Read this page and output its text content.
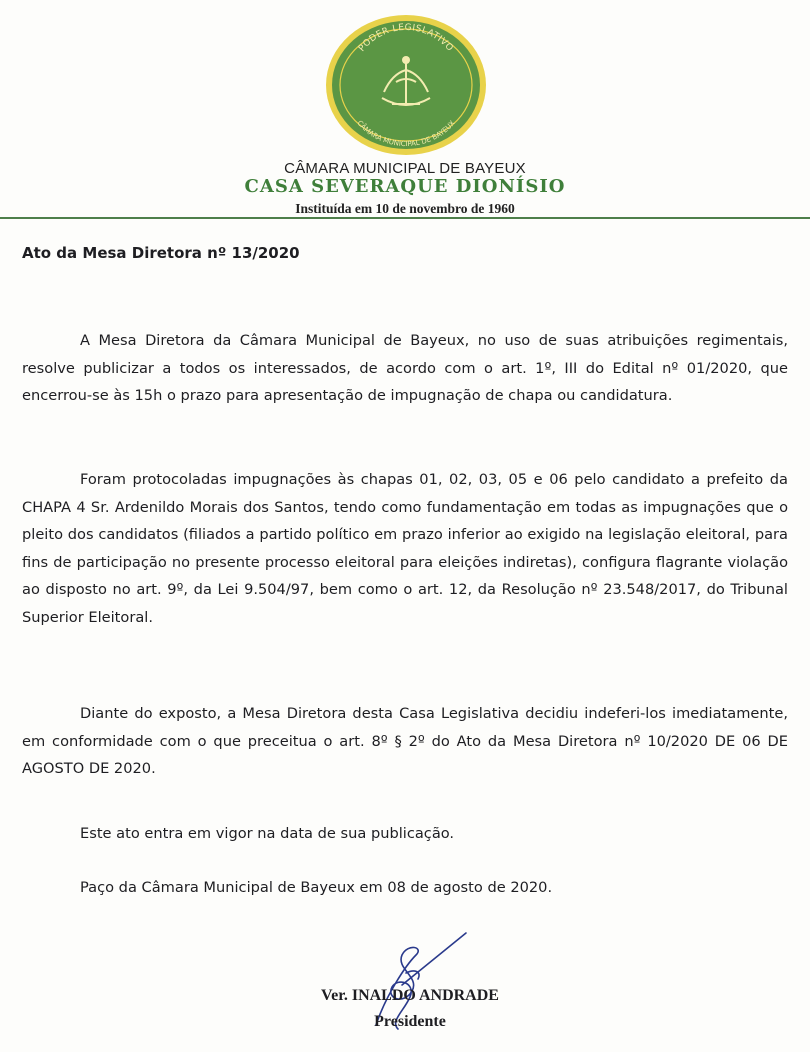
PODER LEGISLATIVO
CÂMARA MUNICIPAL DE BAYEUX
CÂMARA MUNICIPAL DE BAYEUX
CASA SEVERAQUE DIONÍSIO
Instituída em 10 de novembro de 1960
Ato da Mesa Diretora nº 13/2020

A Mesa Diretora da Câmara Municipal de Bayeux, no uso de suas atribuições regimentais, resolve publicizar a todos os interessados, de acordo com o art. 1º, III do Edital nº 01/2020, que encerrou-se às 15h o prazo para apresentação de impugnação de chapa ou candidatura.

Foram protocoladas impugnações às chapas 01, 02, 03, 05 e 06 pelo candidato a prefeito da CHAPA 4 Sr. Ardenildo Morais dos Santos, tendo como fundamentação em todas as impugnações que o pleito dos candidatos (filiados a partido político em prazo inferior ao exigido na legislação eleitoral, para fins de participação no presente processo eleitoral para eleições indiretas), configura flagrante violação ao disposto no art. 9º, da Lei 9.504/97, bem como o art. 12, da Resolução nº 23.548/2017, do Tribunal Superior Eleitoral.

Diante do exposto, a Mesa Diretora desta Casa Legislativa decidiu indeferi-los imediatamente, em conformidade com o que preceitua o art. 8º § 2º do Ato da Mesa Diretora nº 10/2020 DE 06 DE AGOSTO DE 2020.

Este ato entra em vigor na data de sua publicação.

Paço da Câmara Municipal de Bayeux em 08 de agosto de 2020.

Ver. INALDO ANDRADE
Presidente
